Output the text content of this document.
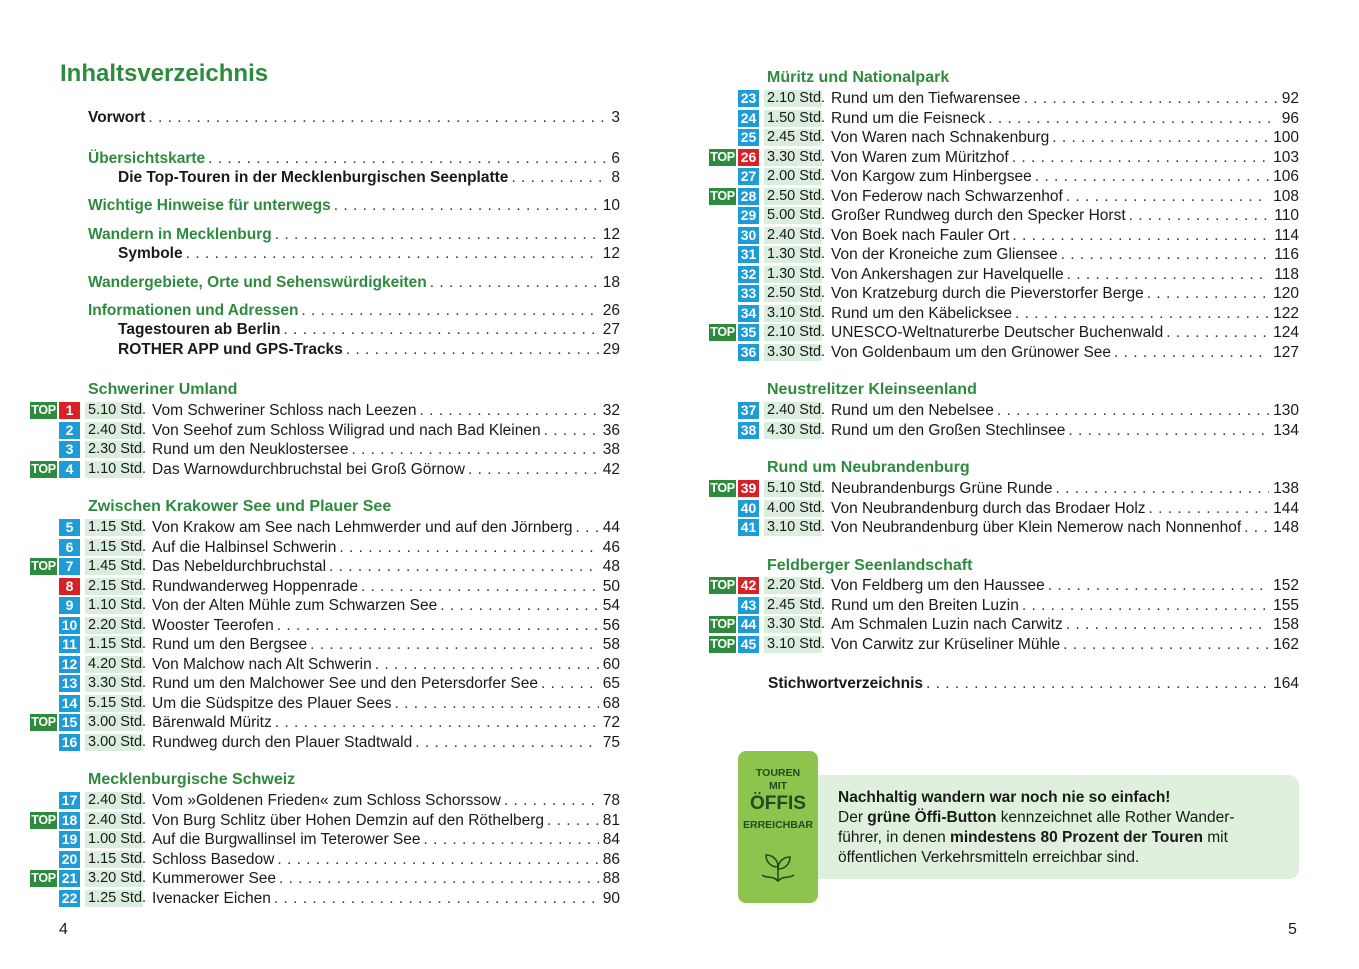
Inhaltsverzeichnis
Vorwort . . .	3
Übersichtskarte . . .	6
Die Top-Touren in der Mecklenburgischen Seenplatte . . .	8
Wichtige Hinweise für unterwegs . . .	10
Wandern in Mecklenburg . . .	12
Symbole . . .	12
Wandergebiete, Orte und Sehenswürdigkeiten . . .	18
Informationen und Adressen . . .	26
Tagestouren ab Berlin . . .	27
ROTHER APP und GPS-Tracks . . .	29
Schweriner Umland
TOP 1	5.10 Std. Vom Schweriner Schloss nach Leezen . . .	32
2	2.40 Std. Von Seehof zum Schloss Wiligrad und nach Bad Kleinen . . .	36
3	2.30 Std. Rund um den Neuklostersee . . .	38
TOP 4	1.10 Std. Das Warnowdurchbruchstal bei Groß Görnow . . .	42
Zwischen Krakower See und Plauer See
5	1.15 Std. Von Krakow am See nach Lehmwerder und auf den Jörnberg . . . 44
6	1.15 Std. Auf die Halbinsel Schwerin . . .	46
TOP 7	1.45 Std. Das Nebeldurchbruchstal . . .	48
8	2.15 Std. Rundwanderweg Hoppenrade . . .	50
9	1.10 Std. Von der Alten Mühle zum Schwarzen See . . .	54
10 2.20 Std. Wooster Teerofen . . .	56
11 1.15 Std. Rund um den Bergsee . . .	58
12 4.20 Std. Von Malchow nach Alt Schwerin . . .	60
13 3.30 Std. Rund um den Malchower See und den Petersdorfer See . . .	65
14 5.15 Std. Um die Südspitze des Plauer Sees . . .	68
TOP 15 3.00 Std. Bärenwald Müritz . . .	72
16 3.00 Std. Rundweg durch den Plauer Stadtwald . . .	75
Mecklenburgische Schweiz
17 2.40 Std. Vom »Goldenen Frieden« zum Schloss Schorssow . . .	78
TOP 18 2.40 Std. Von Burg Schlitz über Hohen Demzin auf den Röthelberg . . .	81
19 1.00 Std. Auf die Burgwallinsel im Teterower See . . .	84
20 1.15 Std. Schloss Basedow . . .	86
TOP 21 3.20 Std. Kummerower See . . .	88
22 1.25 Std. Ivenacker Eichen . . .	90
Müritz und Nationalpark
23 2.10 Std. Rund um den Tiefwarensee . . .	92
24 1.50 Std. Rund um die Feisneck . . .	96
25 2.45 Std. Von Waren nach Schnakenburg . . .	100
TOP 26 3.30 Std. Von Waren zum Müritzhof . . .	103
27 2.00 Std. Von Kargow zum Hinbergsee . . .	106
TOP 28 2.50 Std. Von Federow nach Schwarzenhof . . .	108
29 5.00 Std. Großer Rundweg durch den Specker Horst . . .	110
30 2.40 Std. Von Boek nach Fauler Ort . . .	114
31 1.30 Std. Von der Kroneiche zum Gliensee . . .	116
32 1.30 Std. Von Ankershagen zur Havelquelle . . .	118
33 2.50 Std. Von Kratzeburg durch die Pieverstorfer Berge . . .	120
34 3.10 Std. Rund um den Käbelicksee . . .	122
TOP 35 2.10 Std. UNESCO-Weltnaturerbe Deutscher Buchenwald . . .	124
36 3.30 Std. Von Goldenbaum um den Grünower See . . .	127
Neustrelitzer Kleinseenland
37 2.40 Std. Rund um den Nebelsee . . .	130
38 4.30 Std. Rund um den Großen Stechlinsee . . .	134
Rund um Neubrandenburg
TOP 39 5.10 Std. Neubrandenburgs Grüne Runde . . .	138
40 4.00 Std. Von Neubrandenburg durch das Brodaer Holz . . .	144
41 3.10 Std. Von Neubrandenburg über Klein Nemerow nach Nonnenhof . . . 148
Feldberger Seenlandschaft
TOP 42 2.20 Std. Von Feldberg um den Haussee . . .	152
43 2.45 Std. Rund um den Breiten Luzin . . .	155
TOP 44 3.30 Std. Am Schmalen Luzin nach Carwitz . . .	158
TOP 45 3.10 Std. Von Carwitz zur Krüseliner Mühle . . .	162
Stichwortverzeichnis . . .	164
TOUREN
MIT
ÖFFIS
ERREICHBAR
Nachhaltig wandern war noch nie so einfach!
Der grüne Öffi-Button kennzeichnet alle Rother Wander-
führer, in denen mindestens 80 Prozent der Touren mit
öffentlichen Verkehrsmitteln erreichbar sind.
4	5
